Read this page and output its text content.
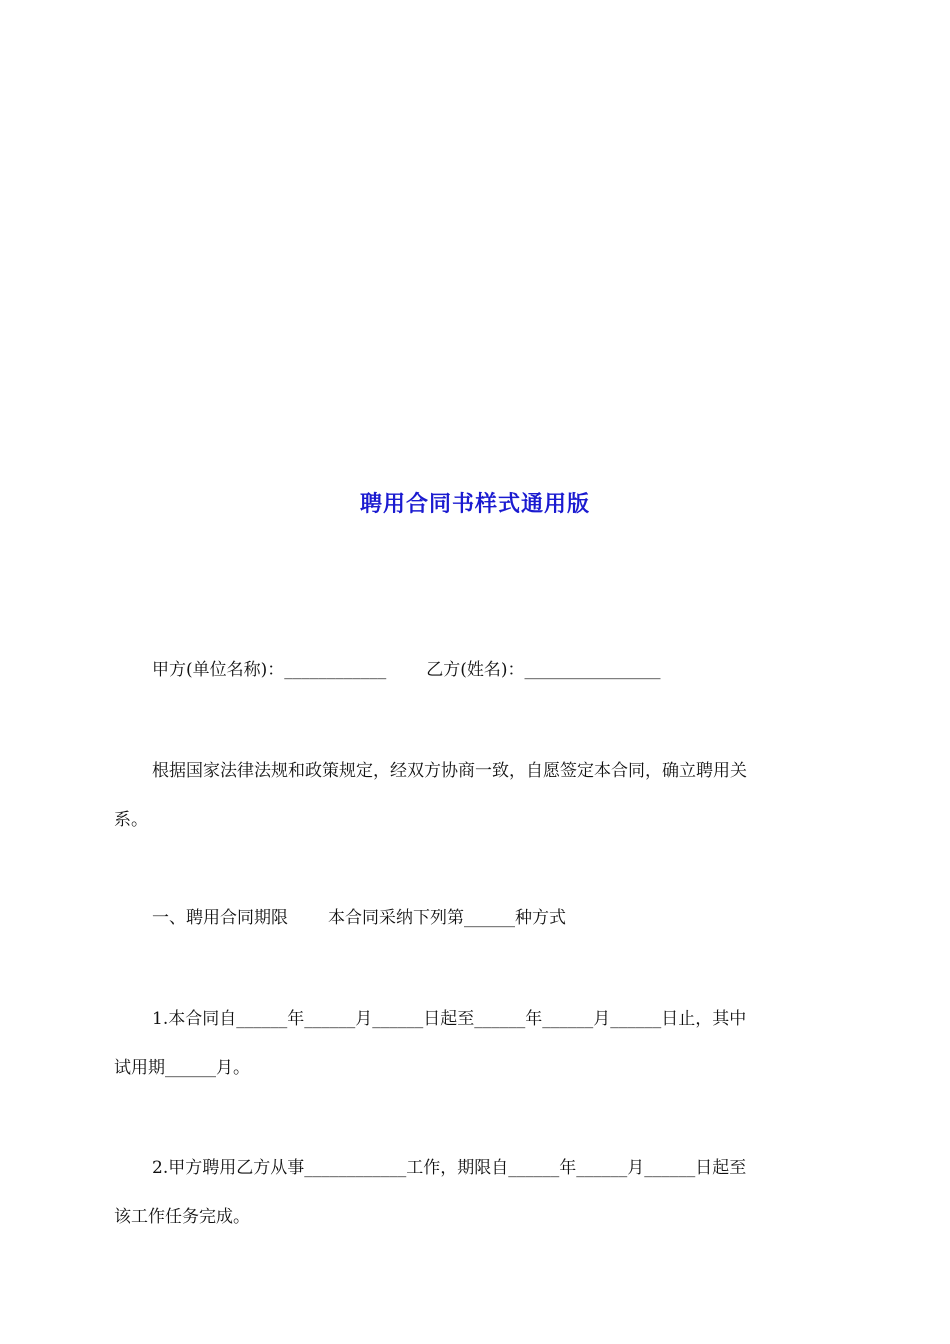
聘用合同书样式通用版
甲方(单位名称)：____________ 乙方(姓名)：________________
根据国家法律法规和政策规定，经双方协商一致，自愿签定本合同，确立聘用关
系。
一、聘用合同期限 本合同采纳下列第______种方式
1.本合同自______年______月______日起至______年______月______日止，其中
试用期______月。
2.甲方聘用乙方从事____________工作，期限自______年______月______日起至
该工作任务完成。
